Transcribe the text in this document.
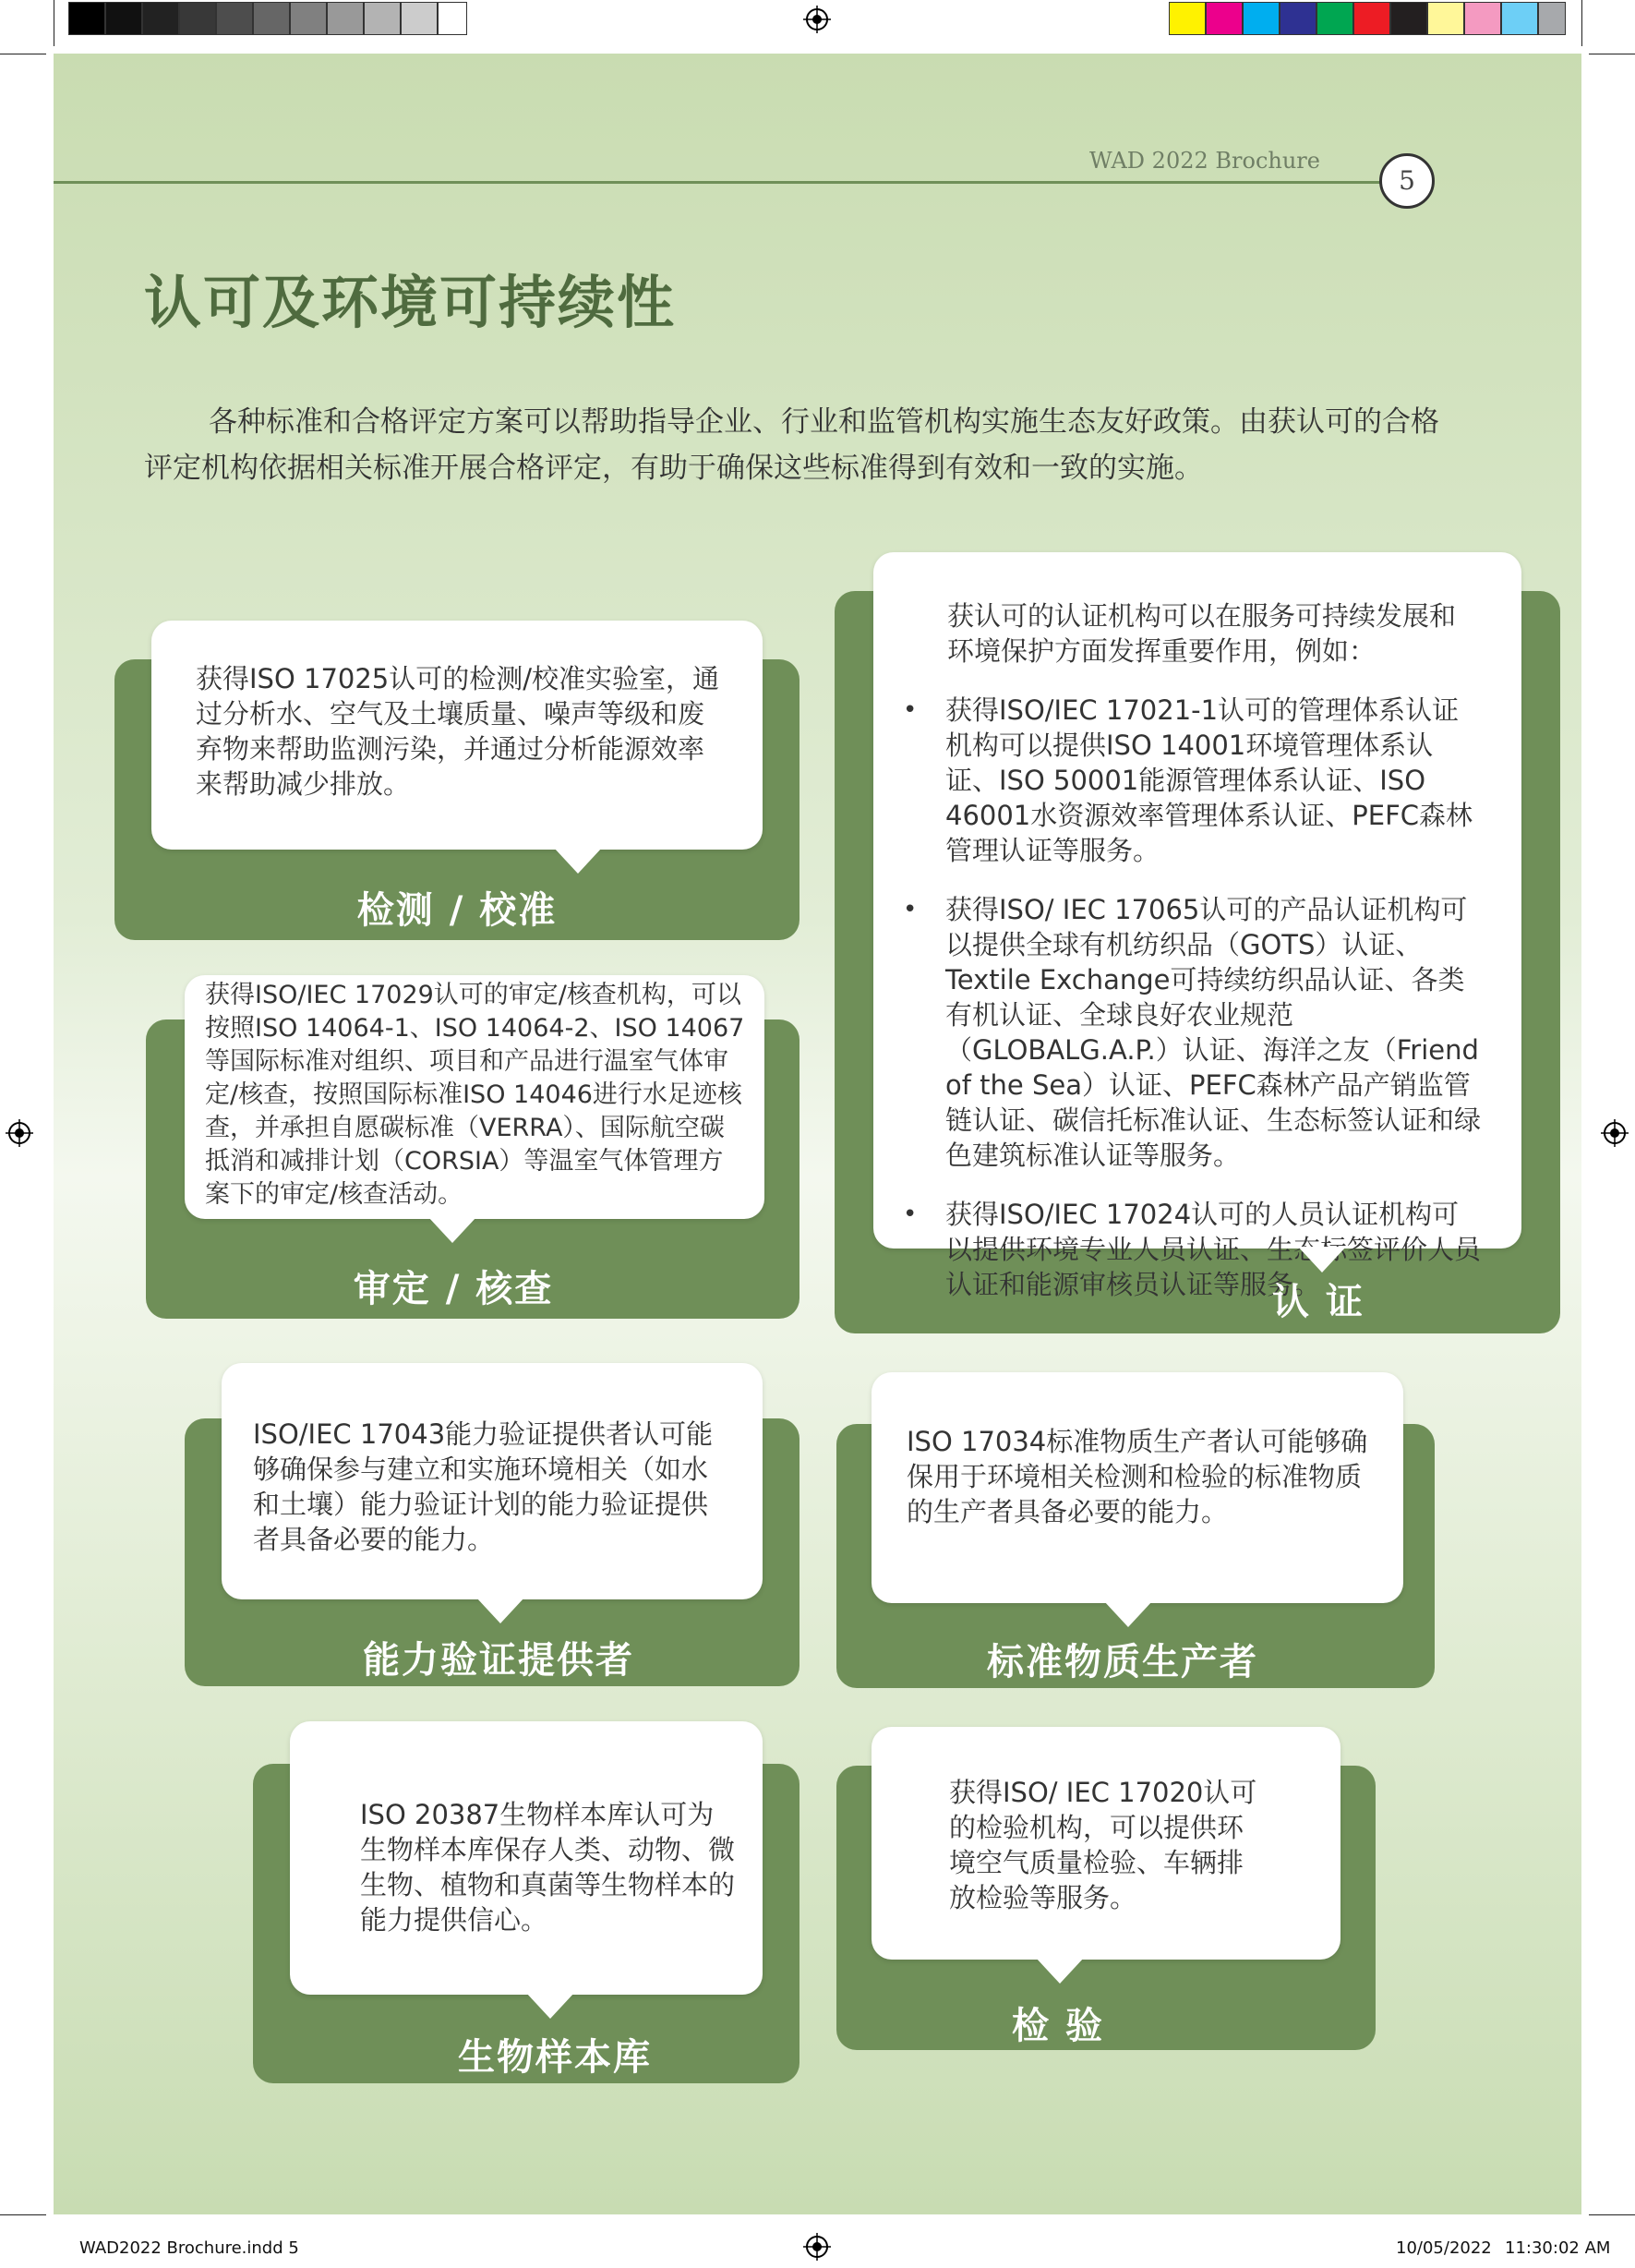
WAD 2022 Brochure
5
认可及环境可持续性
各种标准和合格评定方案可以帮助指导企业、行业和监管机构实施生态友好政策。由获认可的合格评定机构依据相关标准开展合格评定，有助于确保这些标准得到有效和一致的实施。
获得ISO 17025认可的检测/校准实验室，通过分析水、空气及土壤质量、噪声等级和废弃物来帮助监测污染，并通过分析能源效率来帮助减少排放。
检测 / 校准
获得ISO/IEC 17029认可的审定/核查机构，可以按照ISO 14064-1、ISO 14064-2、ISO 14067等国际标准对组织、项目和产品进行温室气体审定/核查，按照国际标准ISO 14046进行水足迹核查，并承担自愿碳标准（VERRA）、国际航空碳抵消和减排计划（CORSIA）等温室气体管理方案下的审定/核查活动。
审定 / 核查
获认可的认证机构可以在服务可持续发展和环境保护方面发挥重要作用，例如：
• 获得ISO/IEC 17021-1认可的管理体系认证机构可以提供ISO 14001环境管理体系认证、ISO 50001能源管理体系认证、ISO 46001水资源效率管理体系认证、PEFC森林管理认证等服务。
• 获得ISO/ IEC 17065认可的产品认证机构可以提供全球有机纺织品（GOTS）认证、Textile Exchange可持续纺织品认证、各类有机认证、全球良好农业规范（GLOBALG.A.P.）认证、海洋之友（Friend of the Sea）认证、PEFC森林产品产销监管链认证、碳信托标准认证、生态标签认证和绿色建筑标准认证等服务。
• 获得ISO/IEC 17024认可的人员认证机构可以提供环境专业人员认证、生态标签评价人员认证和能源审核员认证等服务。
认 证
ISO/IEC 17043能力验证提供者认可能够确保参与建立和实施环境相关（如水和土壤）能力验证计划的能力验证提供者具备必要的能力。
能力验证提供者
ISO 17034标准物质生产者认可能够确保用于环境相关检测和检验的标准物质的生产者具备必要的能力。
标准物质生产者
ISO 20387生物样本库认可为生物样本库保存人类、动物、微生物、植物和真菌等生物样本的能力提供信心。
生物样本库
获得ISO/ IEC 17020认可的检验机构，可以提供环境空气质量检验、车辆排放检验等服务。
检 验
WAD2022 Brochure.indd 5	10/05/2022 11:30:02 AM
